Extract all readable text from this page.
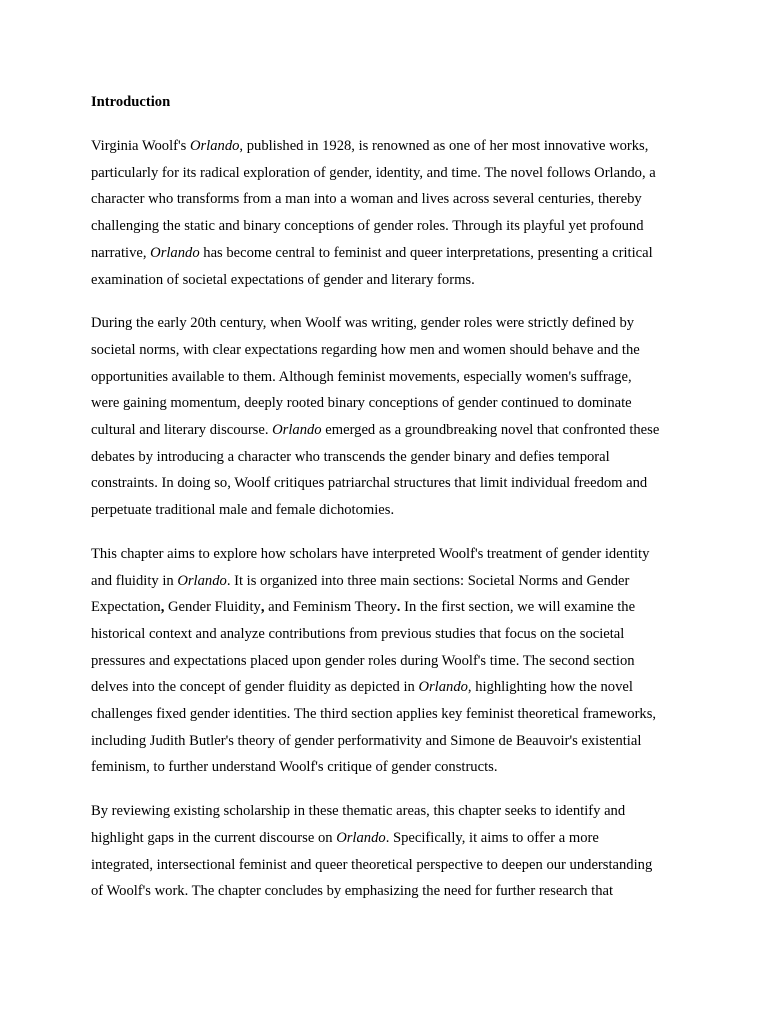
Introduction

Virginia Woolf's Orlando, published in 1928, is renowned as one of her most innovative works,
particularly for its radical exploration of gender, identity, and time. The novel follows Orlando, a
character who transforms from a man into a woman and lives across several centuries, thereby
challenging the static and binary conceptions of gender roles. Through its playful yet profound
narrative, Orlando has become central to feminist and queer interpretations, presenting a critical
examination of societal expectations of gender and literary forms.

During the early 20th century, when Woolf was writing, gender roles were strictly defined by
societal norms, with clear expectations regarding how men and women should behave and the
opportunities available to them. Although feminist movements, especially women's suffrage,
were gaining momentum, deeply rooted binary conceptions of gender continued to dominate
cultural and literary discourse. Orlando emerged as a groundbreaking novel that confronted these
debates by introducing a character who transcends the gender binary and defies temporal
constraints. In doing so, Woolf critiques patriarchal structures that limit individual freedom and
perpetuate traditional male and female dichotomies.

This chapter aims to explore how scholars have interpreted Woolf's treatment of gender identity
and fluidity in Orlando. It is organized into three main sections: Societal Norms and Gender
Expectation, Gender Fluidity, and Feminism Theory. In the first section, we will examine the
historical context and analyze contributions from previous studies that focus on the societal
pressures and expectations placed upon gender roles during Woolf's time. The second section
delves into the concept of gender fluidity as depicted in Orlando, highlighting how the novel
challenges fixed gender identities. The third section applies key feminist theoretical frameworks,
including Judith Butler's theory of gender performativity and Simone de Beauvoir's existential
feminism, to further understand Woolf's critique of gender constructs.

By reviewing existing scholarship in these thematic areas, this chapter seeks to identify and
highlight gaps in the current discourse on Orlando. Specifically, it aims to offer a more
integrated, intersectional feminist and queer theoretical perspective to deepen our understanding
of Woolf's work. The chapter concludes by emphasizing the need for further research that
